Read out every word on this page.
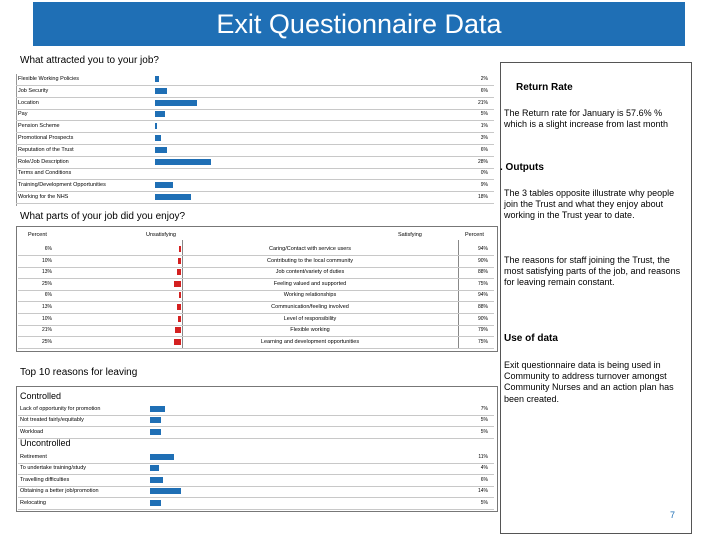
Exit Questionnaire Data
What attracted you to your job?
What parts of your job did you enjoy?
Percent	Unsatisfying	Satisfying	Percent
Top 10 reasons for leaving
Controlled
Uncontrolled
Return Rate
The Return rate for January is 57.6% % which is a slight increase from last month
. Outputs
The 3 tables opposite illustrate why people join the Trust and what they enjoy about working in the Trust year to date.
The reasons for staff joining the Trust, the most satisfying parts of the job, and reasons for leaving remain constant.
Use of data
Exit questionnaire data is being used in Community to address turnover amongst Community Nurses and an action plan has been created.
7
Flexible Working Policies	2%
Job Security	6%
Location	21%
Pay	5%
Pension Scheme	1%
Promotional Prospects	3%
Reputation of the Trust	6%
Role/Job Description	28%
Terms and Conditions	0%
Training/Development Opportunities	9%
Working for the NHS	18%
6%	Caring/Contact with service users	94%
10%	Contributing to the local community	90%
13%	Job content/variety of duties	88%
25%	Feeling valued and supported	75%
6%	Working relationships	94%
13%	Communication/feeling involved	88%
10%	Level of responsibility	90%
21%	Flexible working	79%
25%	Learning and development opportunities	75%
Lack of opportunity for promotion	7%
Not treated fairly/equitably	5%
Workload	5%
Retirement	11%
To undertake training/study	4%
Travelling difficulties	6%
Obtaining a better job/promotion	14%
Relocating	5%
